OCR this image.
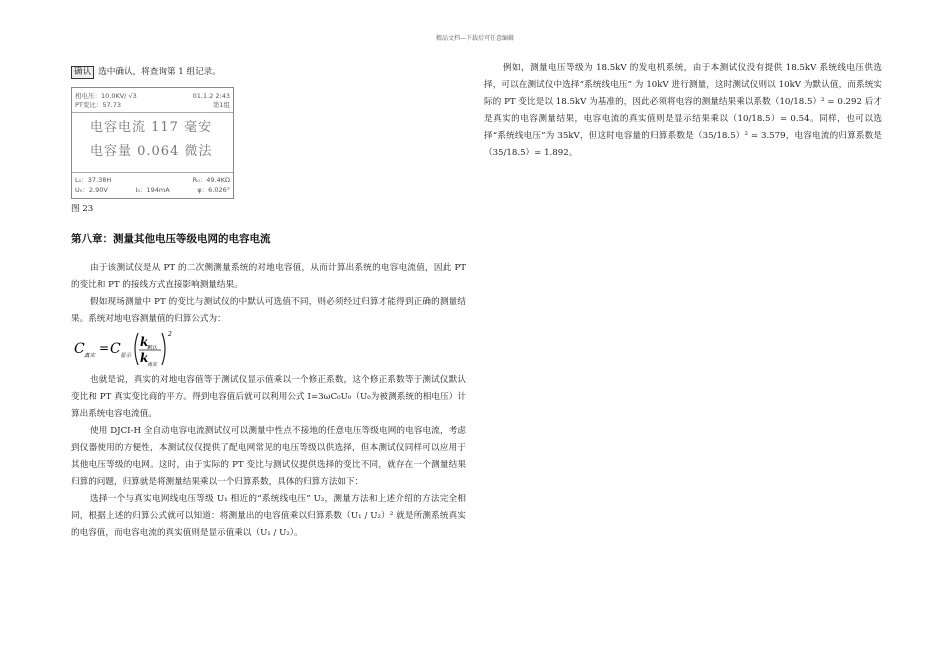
精品文档---下载后可任意编辑
确认 选中确认，将查询第 1 组记录。
相电压：10.0KV/ √3	01.1.2 2:43
PT变比：57.73	第1组
电容电流 117 毫安
电容量 0.064 微法
L₀：37.38H	R₀：49.4KΩ
U₀：2.90V	I₀：194mA	φ：6.026°
图 23
第八章：测量其他电压等级电网的电容电流

由于该测试仪是从 PT 的二次侧测量系统的对地电容值，从而计算出系统的电容电流值，因此 PT 的变比和 PT 的接线方式直接影响测量结果。

假如现场测量中 PT 的变比与测试仪的中默认可选值不同，则必须经过归算才能得到正确的测量结果。系统对地电容测量值的归算公式为：

C 真实
= C 显示
k
默认
k
真实
2

也就是说，真实的对地电容值等于测试仪显示值乘以一个修正系数，这个修正系数等于测试仪默认变比和 PT 真实变比商的平方。得到电容值后就可以利用公式 I=3ωC₀U₀（U₀为被测系统的相电压）计算出系统电容电流值。

使用 DJCI-H 全自动电容电流测试仪可以测量中性点不接地的任意电压等级电网的电容电流，考虑到仪器使用的方便性，本测试仪仅提供了配电网常见的电压等级以供选择，但本测试仪同样可以应用于其他电压等级的电网。这时，由于实际的 PT 变比与测试仪提供选择的变比不同，就存在一个测量结果归算的问题，归算就是将测量结果乘以一个归算系数，具体的归算方法如下：

选择一个与真实电网线电压等级 U₁ 相近的“系统线电压” U₂，测量方法和上述介绍的方法完全相同，根据上述的归算公式就可以知道：将测量出的电容值乘以归算系数（U₁ / U₂）² 就是所测系统真实的电容值，而电容电流的真实值则是显示值乘以（U₁ / U₂）。

例如，测量电压等级为 18.5kV 的发电机系统，由于本测试仪没有提供 18.5kV 系统线电压供选择，可以在测试仪中选择“系统线电压” 为 10kV 进行测量，这时测试仪则以 10kV 为默认值，而系统实际的 PT 变比是以 18.5kV 为基准的，因此必须将电容的测量结果乘以系数（10/18.5）² = 0.292 后才是真实的电容测量结果，电容电流的真实值则是显示结果乘以（10/18.5）= 0.54。同样，也可以选择“系统线电压”为 35kV，但这时电容量的归算系数是（35/18.5）² = 3.579，电容电流的归算系数是（35/18.5）= 1.892。
